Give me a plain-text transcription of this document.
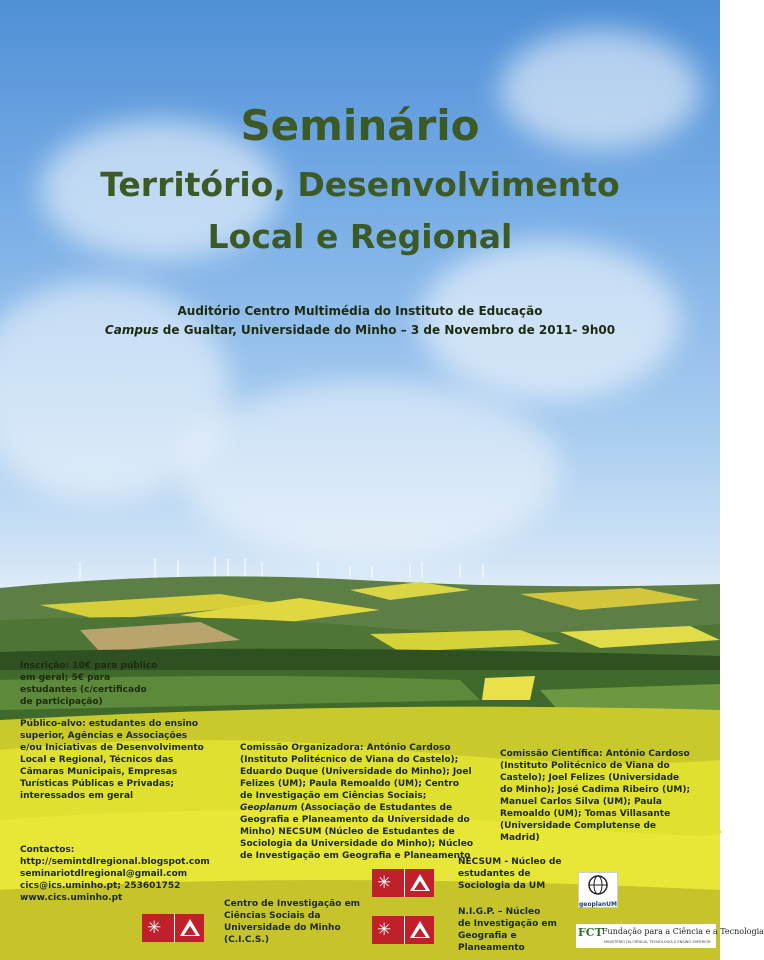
Seminário
Território, Desenvolvimento
Local e Regional
Auditório Centro Multimédia do Instituto de Educação
Campus de Gualtar, Universidade do Minho – 3 de Novembro de 2011- 9h00
Inscrição: 10€ para público
em geral; 5€ para
estudantes (c/certificado
de participação)
Público-alvo: estudantes do ensino superior, Agências e Associações e/ou Iniciativas de Desenvolvimento Local e Regional, Técnicos das Câmaras Municipais, Empresas Turísticas Públicas e Privadas; interessados em geral
Comissão Organizadora: António Cardoso (Instituto Politécnico de Viana do Castelo); Eduardo Duque (Universidade do Minho); Joel Felizes (UM); Paula Remoaldo (UM); Centro de Investigação em Ciências Sociais; Geoplanum (Associação de Estudantes de Geografia e Planeamento da Universidade do Minho) NECSUM (Núcleo de Estudantes de Sociologia da Universidade do Minho); Núcleo de Investigação em Geografia e Planeamento
Comissão Científica: António Cardoso (Instituto Politécnico de Viana do Castelo); Joel Felizes (Universidade do Minho); José Cadima Ribeiro (UM); Manuel Carlos Silva (UM); Paula Remoaldo (UM); Tomas Villasante (Universidade Complutense de Madrid)
Contactos:
http://semintdlregional.blogspot.com
seminariotdlregional@gmail.com
cics@ics.uminho.pt; 253601752
www.cics.uminho.pt
✳
✳
✳
Centro de Investigação em
Ciências Sociais da
Universidade do Minho
(C.I.C.S.)
NECSUM - Núcleo de
estudantes de
Sociologia da UM
N.I.G.P. – Núcleo
de Investigação em
Geografia e
Planeamento
geoplanUM
FCT Fundação para a Ciência e a Tecnologia
MINISTÉRIO DA CIÊNCIA, TECNOLOGIA E ENSINO SUPERIOR
